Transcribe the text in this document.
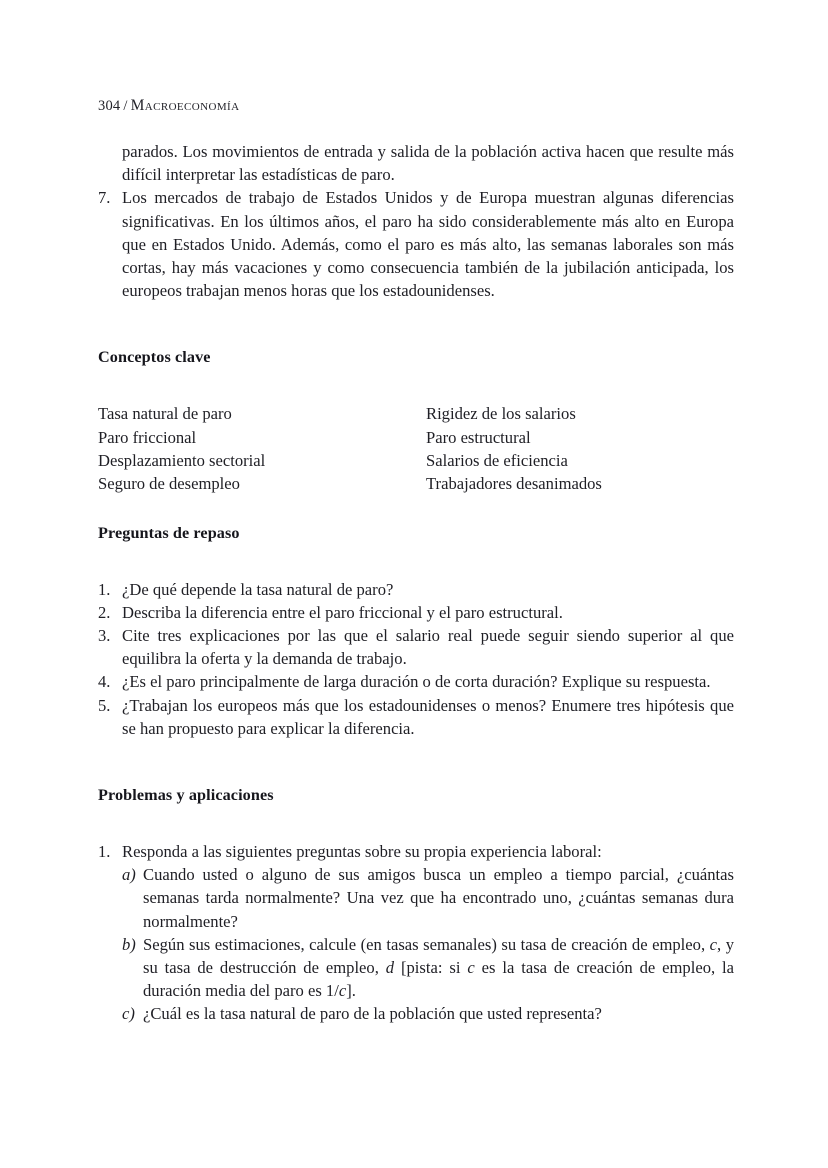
304 / Macroeconomía
parados. Los movimientos de entrada y salida de la población activa hacen que resulte más difícil interpretar las estadísticas de paro.
7. Los mercados de trabajo de Estados Unidos y de Europa muestran algunas diferencias significativas. En los últimos años, el paro ha sido considerablemente más alto en Europa que en Estados Unido. Además, como el paro es más alto, las semanas laborales son más cortas, hay más vacaciones y como consecuencia también de la jubilación anticipada, los europeos trabajan menos horas que los estadounidenses.
Conceptos clave
Tasa natural de paro	Rigidez de los salarios
Paro friccional	Paro estructural
Desplazamiento sectorial	Salarios de eficiencia
Seguro de desempleo	Trabajadores desanimados
Preguntas de repaso
1. ¿De qué depende la tasa natural de paro?
2. Describa la diferencia entre el paro friccional y el paro estructural.
3. Cite tres explicaciones por las que el salario real puede seguir siendo superior al que equilibra la oferta y la demanda de trabajo.
4. ¿Es el paro principalmente de larga duración o de corta duración? Explique su respuesta.
5. ¿Trabajan los europeos más que los estadounidenses o menos? Enumere tres hipótesis que se han propuesto para explicar la diferencia.
Problemas y aplicaciones
1. Responda a las siguientes preguntas sobre su propia experiencia laboral:
a) Cuando usted o alguno de sus amigos busca un empleo a tiempo parcial, ¿cuántas semanas tarda normalmente? Una vez que ha encontrado uno, ¿cuántas semanas dura normalmente?
b) Según sus estimaciones, calcule (en tasas semanales) su tasa de creación de empleo, c, y su tasa de destrucción de empleo, d [pista: si c es la tasa de creación de empleo, la duración media del paro es 1/c].
c) ¿Cuál es la tasa natural de paro de la población que usted representa?
